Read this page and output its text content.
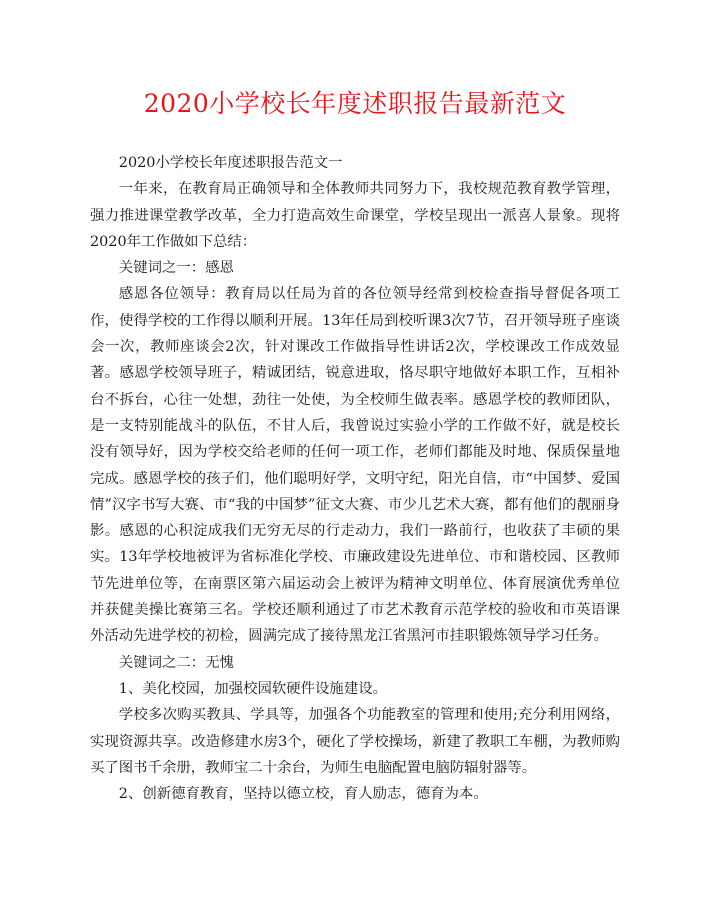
2020小学校长年度述职报告最新范文

2020小学校长年度述职报告范文一

一年来，在教育局正确领导和全体教师共同努力下，我校规范教育教学管理，强力推进课堂教学改革，全力打造高效生命课堂，学校呈现出一派喜人景象。现将2020年工作做如下总结：

关键词之一：感恩

感恩各位领导：教育局以任局为首的各位领导经常到校检查指导督促各项工作，使得学校的工作得以顺利开展。13年任局到校听课3次7节，召开领导班子座谈会一次，教师座谈会2次，针对课改工作做指导性讲话2次，学校课改工作成效显著。感恩学校领导班子，精诚团结，锐意进取，恪尽职守地做好本职工作，互相补台不拆台，心往一处想，劲往一处使，为全校师生做表率。感恩学校的教师团队，是一支特别能战斗的队伍，不甘人后，我曾说过实验小学的工作做不好，就是校长没有领导好，因为学校交给老师的任何一项工作，老师们都能及时地、保质保量地完成。感恩学校的孩子们，他们聪明好学，文明守纪，阳光自信，市“中国梦、爱国情”汉字书写大赛、市“我的中国梦”征文大赛、市少儿艺术大赛，都有他们的靓丽身影。感恩的心积淀成我们无穷无尽的行走动力，我们一路前行，也收获了丰硕的果实。13年学校地被评为省标准化学校、市廉政建设先进单位、市和谐校园、区教师节先进单位等，在南票区第六届运动会上被评为精神文明单位、体育展演优秀单位并获健美操比赛第三名。学校还顺利通过了市艺术教育示范学校的验收和市英语课外活动先进学校的初检，圆满完成了接待黑龙江省黑河市挂职锻炼领导学习任务。

关键词之二：无愧

1、美化校园，加强校园软硬件设施建设。

学校多次购买教具、学具等，加强各个功能教室的管理和使用;充分利用网络，实现资源共享。改造修建水房3个，硬化了学校操场，新建了教职工车棚，为教师购买了图书千余册，教师宝二十余台，为师生电脑配置电脑防辐射器等。

2、创新德育教育，坚持以德立校，育人励志，德育为本。
